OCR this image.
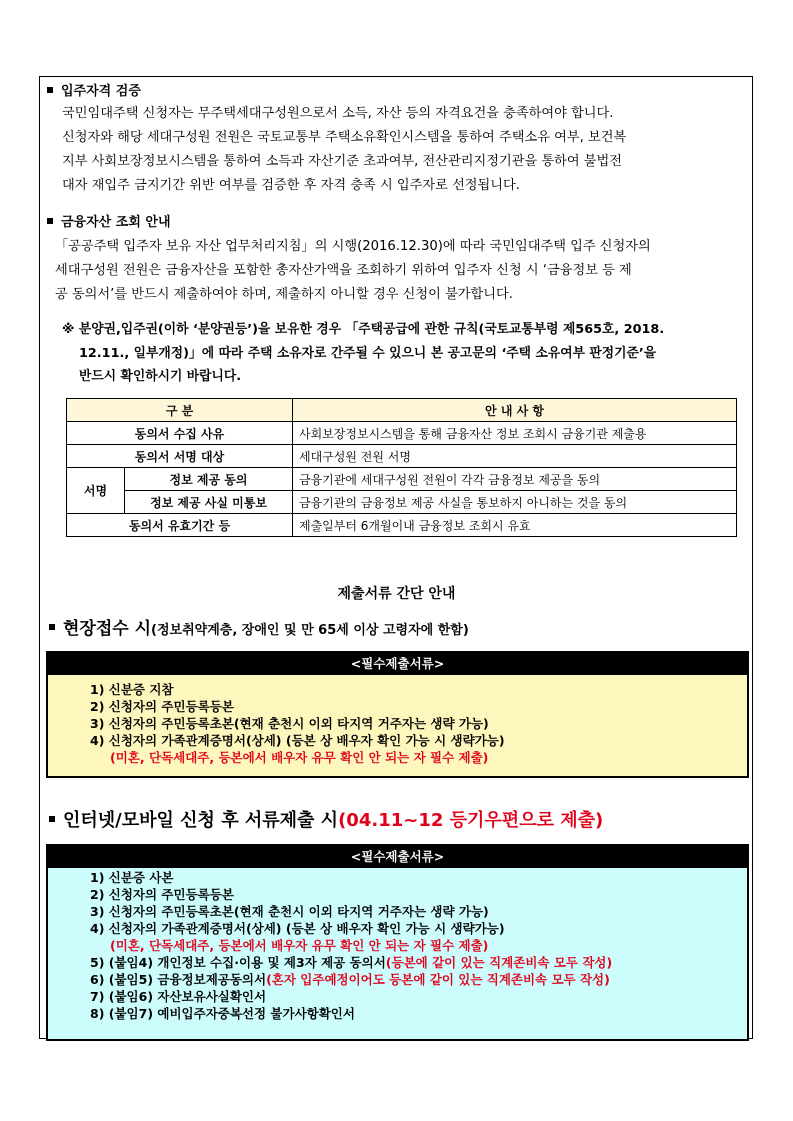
입주자격 검증
국민임대주택 신청자는 무주택세대구성원으로서 소득, 자산 등의 자격요건을 충족하여야 합니다.
신청자와 해당 세대구성원 전원은 국토교통부 주택소유확인시스템을 통하여 주택소유 여부, 보건복
지부 사회보장정보시스템을 통하여 소득과 자산기준 초과여부, 전산관리지정기관을 통하여 불법전
대자 재입주 금지기간 위반 여부를 검증한 후 자격 충족 시 입주자로 선정됩니다.
금융자산 조회 안내
「공공주택 입주자 보유 자산 업무처리지침」의 시행(2016.12.30)에 따라 국민임대주택 입주 신청자의
세대구성원 전원은 금융자산을 포함한 총자산가액을 조회하기 위하여 입주자 신청 시 ‘금융정보 등 제
공 동의서’를 반드시 제출하여야 하며, 제출하지 아니할 경우 신청이 불가합니다.
※ 분양권,입주권(이하 ‘분양권등’)을 보유한 경우 「주택공급에 관한 규칙(국토교통부령 제565호, 2018.
12.11., 일부개정)」에 따라 주택 소유자로 간주될 수 있으니 본 공고문의 ‘주택 소유여부 판정기준’을
반드시 확인하시기 바랍니다.
구 분		안 내 사 항
동의서 수집 사유		사회보장정보시스템을 통해 금융자산 정보 조회시 금융기관 제출용
동의서 서명 대상		세대구성원 전원 서명
서명	정보 제공 동의	금융기관에 세대구성원 전원이 각각 금융정보 제공을 동의
	정보 제공 사실 미통보	금융기관의 금융정보 제공 사실을 통보하지 아니하는 것을 동의
동의서 유효기간 등		제출일부터 6개월이내 금융정보 조회시 유효
제출서류 간단 안내
현장접수 시(정보취약계층, 장애인 및 만 65세 이상 고령자에 한함)
<필수제출서류>
1) 신분증 지참
2) 신청자의 주민등록등본
3) 신청자의 주민등록초본(현재 춘천시 이외 타지역 거주자는 생략 가능)
4) 신청자의 가족관계증명서(상세) (등본 상 배우자 확인 가능 시 생략가능)
(미혼, 단독세대주, 등본에서 배우자 유무 확인 안 되는 자 필수 제출)
인터넷/모바일 신청 후 서류제출 시(04.11~12 등기우편으로 제출)
<필수제출서류>
1) 신분증 사본
2) 신청자의 주민등록등본
3) 신청자의 주민등록초본(현재 춘천시 이외 타지역 거주자는 생략 가능)
4) 신청자의 가족관계증명서(상세) (등본 상 배우자 확인 가능 시 생략가능)
(미혼, 단독세대주, 등본에서 배우자 유무 확인 안 되는 자 필수 제출)
5) (붙임4) 개인정보 수집·이용 및 제3자 제공 동의서(등본에 같이 있는 직계존비속 모두 작성)
6) (붙임5) 금융정보제공동의서(혼자 입주예정이어도 등본에 같이 있는 직계존비속 모두 작성)
7) (붙임6) 자산보유사실확인서
8) (붙임7) 예비입주자중복선정 불가사항확인서
